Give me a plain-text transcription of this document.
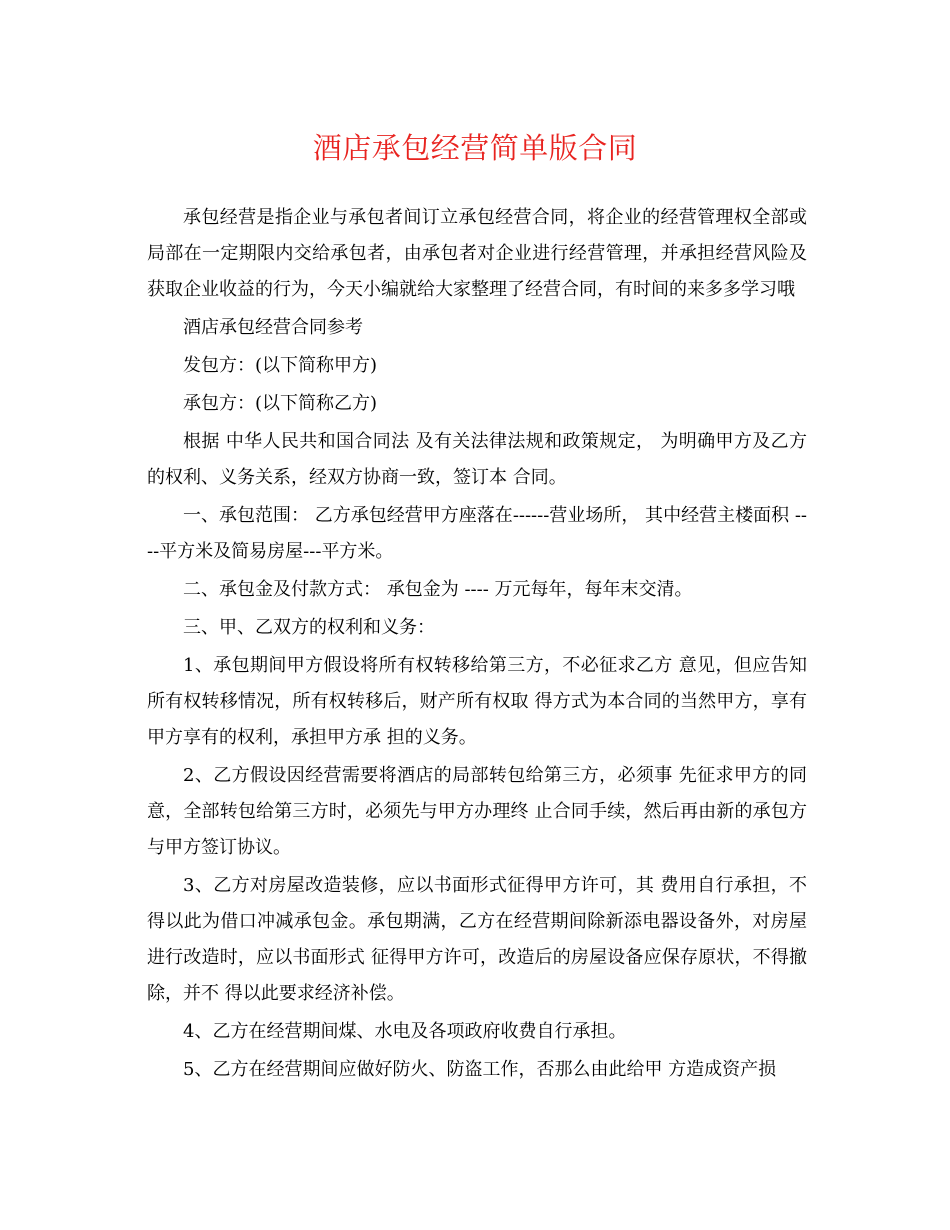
酒店承包经营简单版合同

承包经营是指企业与承包者间订立承包经营合同，将企业的经营管理权全部或局部在一定期限内交给承包者，由承包者对企业进行经营管理，并承担经营风险及获取企业收益的行为，今天小编就给大家整理了经营合同，有时间的来多多学习哦

酒店承包经营合同参考

发包方：(以下简称甲方)

承包方：(以下简称乙方)

根据 中华人民共和国合同法 及有关法律法规和政策规定， 为明确甲方及乙方的权利、义务关系，经双方协商一致，签订本 合同。

一、承包范围： 乙方承包经营甲方座落在------营业场所， 其中经营主楼面积 ----平方米及简易房屋---平方米。

二、承包金及付款方式： 承包金为 ---- 万元每年，每年末交清。

三、甲、乙双方的权利和义务：

1、承包期间甲方假设将所有权转移给第三方，不必征求乙方 意见，但应告知所有权转移情况，所有权转移后，财产所有权取 得方式为本合同的当然甲方，享有甲方享有的权利，承担甲方承 担的义务。

2、乙方假设因经营需要将酒店的局部转包给第三方，必须事 先征求甲方的同意，全部转包给第三方时，必须先与甲方办理终 止合同手续，然后再由新的承包方与甲方签订协议。

3、乙方对房屋改造装修，应以书面形式征得甲方许可，其 费用自行承担，不得以此为借口冲减承包金。承包期满，乙方在经营期间除新添电器设备外，对房屋进行改造时，应以书面形式 征得甲方许可，改造后的房屋设备应保存原状，不得撤除，并不 得以此要求经济补偿。

4、乙方在经营期间煤、水电及各项政府收费自行承担。

5、乙方在经营期间应做好防火、防盗工作，否那么由此给甲 方造成资产损
